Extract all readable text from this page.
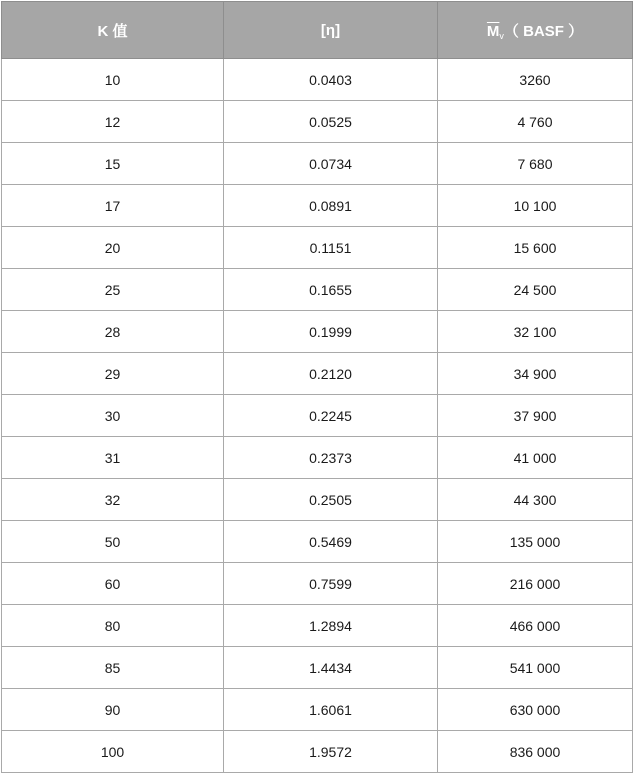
K 值	[η]	$\overline{M}_v$（ BASF ）
10	0.0403	3260
12	0.0525	4 760
15	0.0734	7 680
17	0.0891	10 100
20	0.1151	15 600
25	0.1655	24 500
28	0.1999	32 100
29	0.2120	34 900
30	0.2245	37 900
31	0.2373	41 000
32	0.2505	44 300
50	0.5469	135 000
60	0.7599	216 000
80	1.2894	466 000
85	1.4434	541 000
90	1.6061	630 000
100	1.9572	836 000
